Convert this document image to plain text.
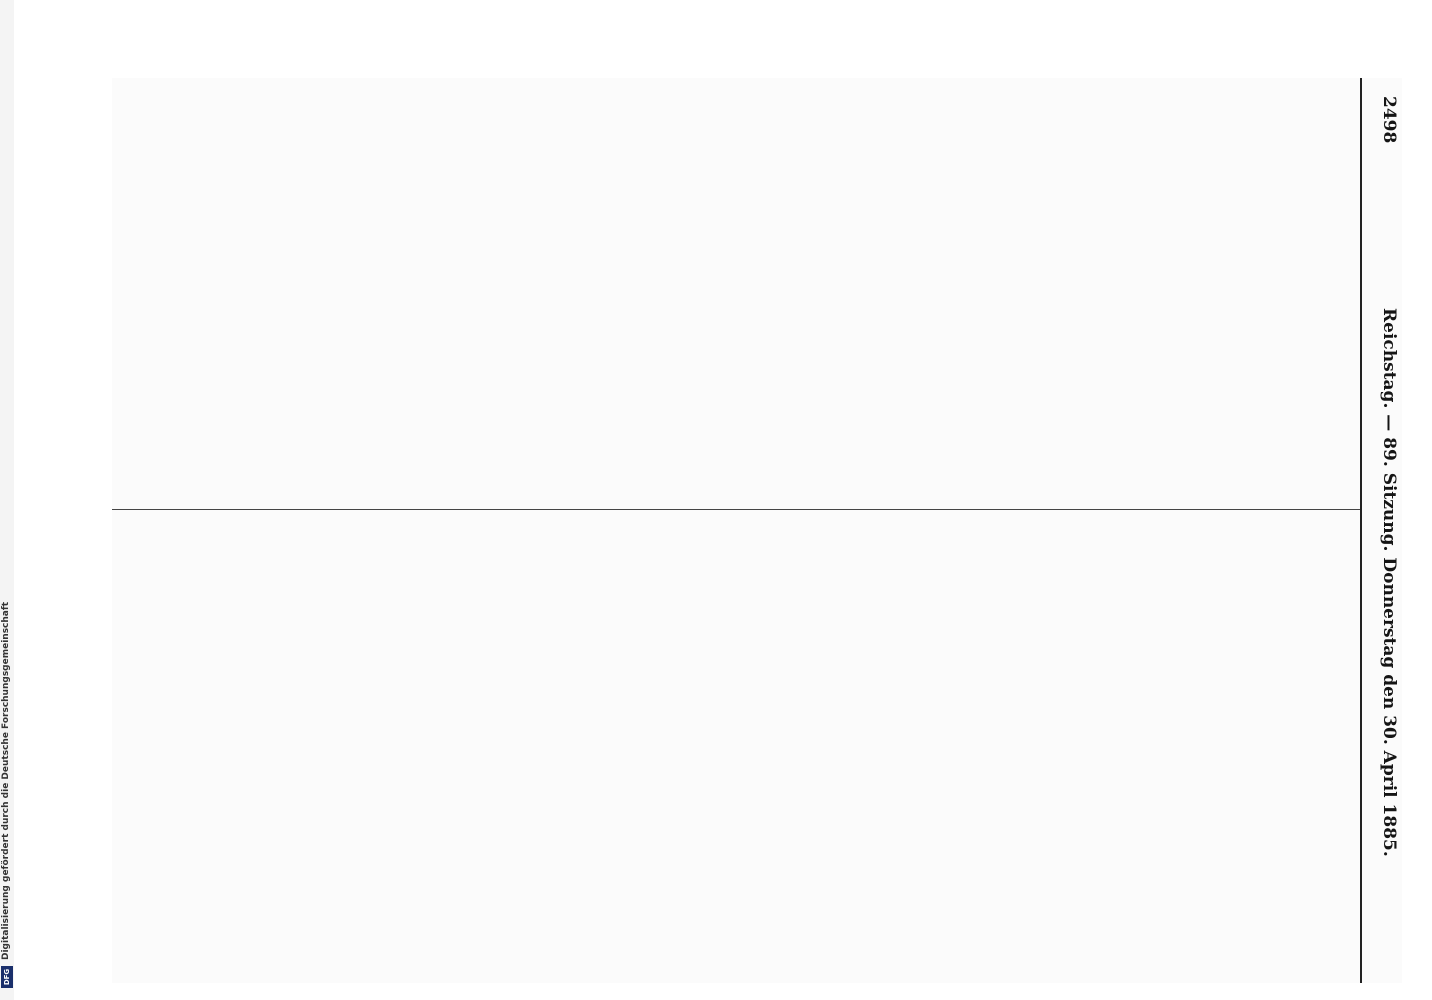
Digitalisierung gefördert durch die Deutsche Forschungsgemeinschaft
DFG
2498
Reichstag. — 89. Sitzung. Donnerstag den 30. April 1885.
